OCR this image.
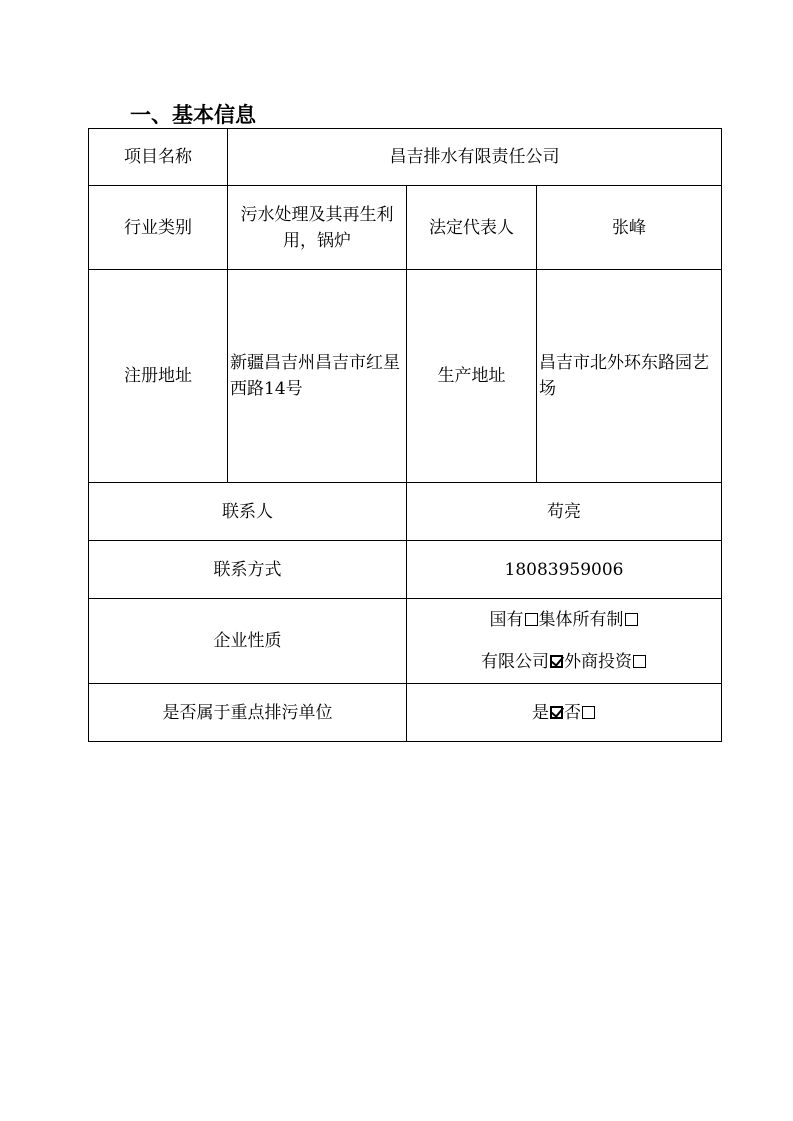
一、基本信息
项目名称	昌吉排水有限责任公司		
行业类别	污水处理及其再生利用，锅炉	法定代表人	张峰
注册地址	新疆昌吉州昌吉市红星西路14号	生产地址	昌吉市北外环东路园艺场
联系人		苟亮	
联系方式		18083959006	
企业性质		国有 集体所有制
有限公司 外商投资	

是否属于重点排污单位		是 否	
